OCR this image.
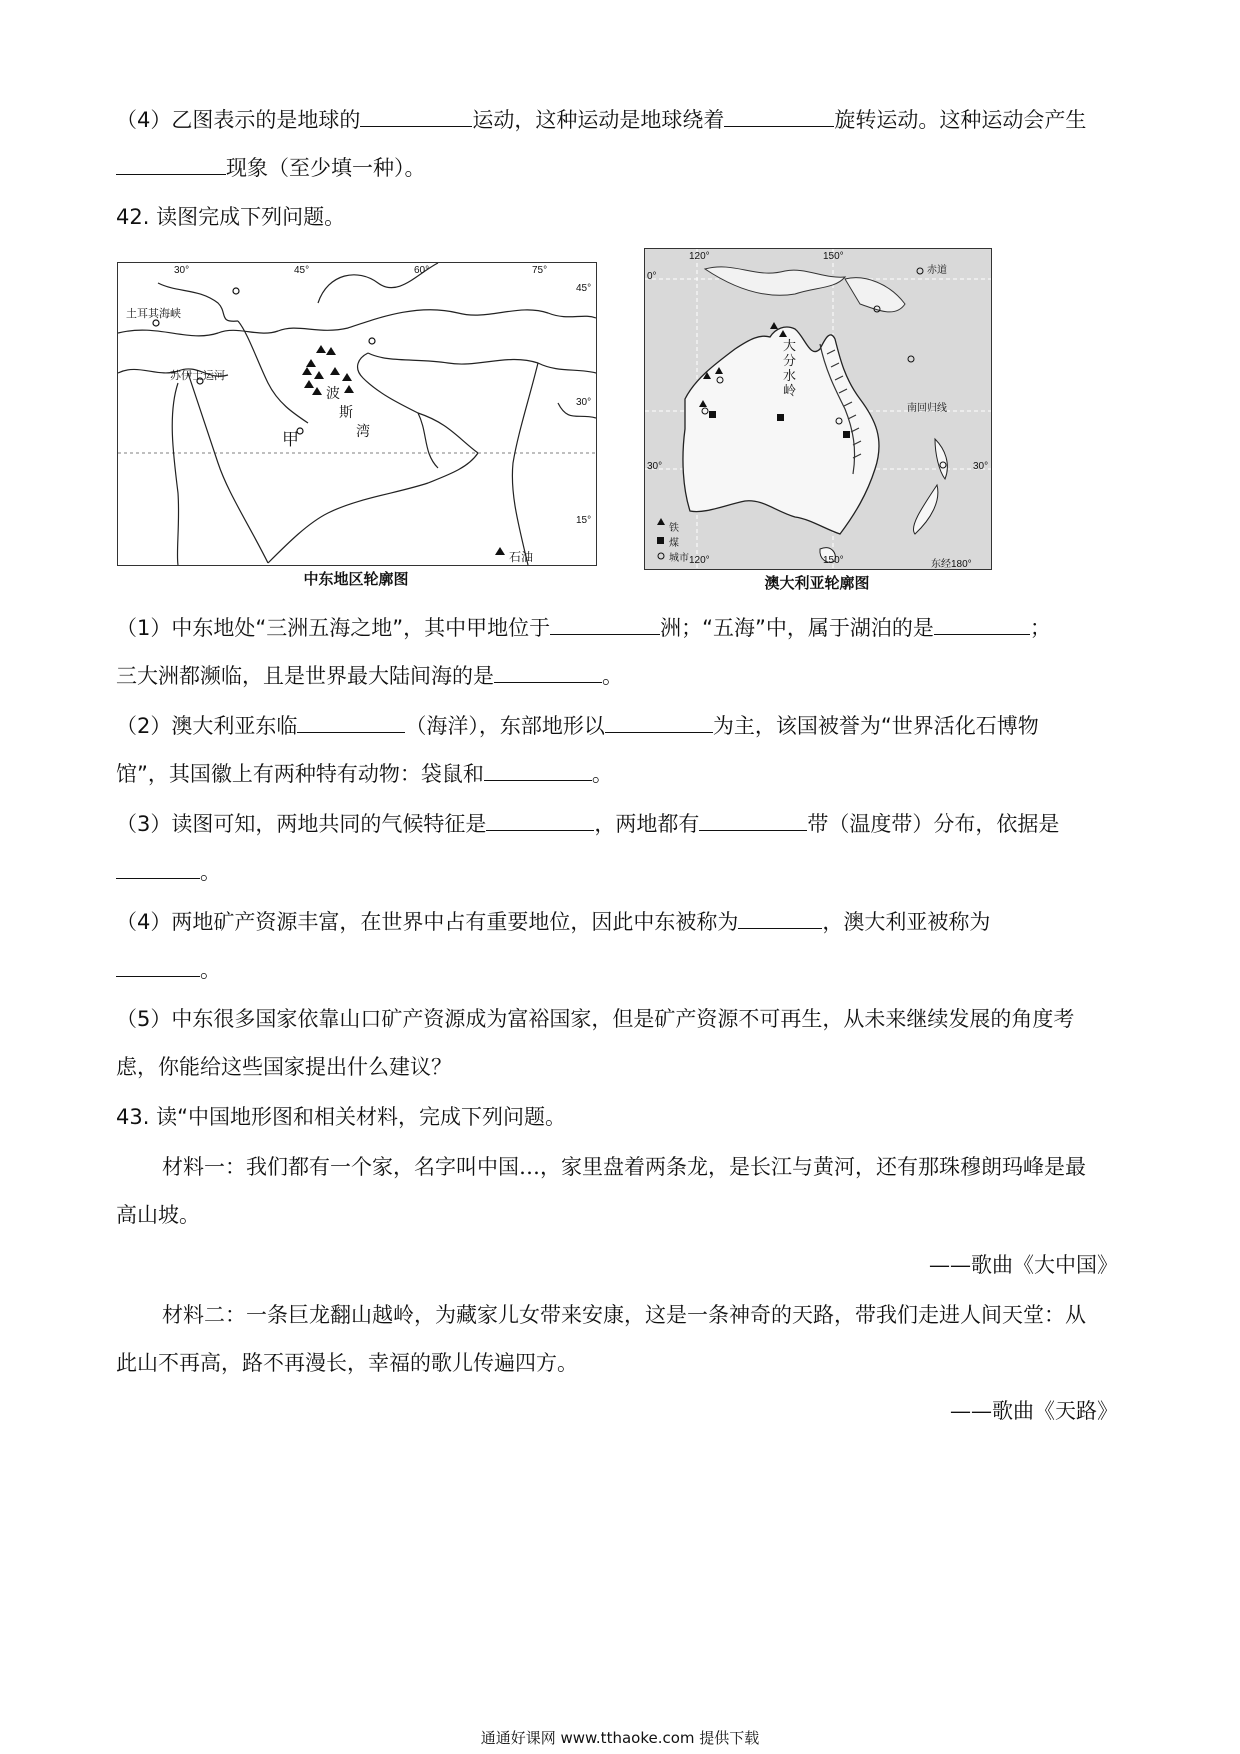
（4）乙图表示的是地球的	运动，这种运动是地球绕着	旋转运动。这种运动会产生
现象（至少填一种）。
42. 读图完成下列问题。
土耳其海峡
苏伊士运河
甲
波
斯
湾
石油
30°	45°	60°	75°
45°
30°
15°
中东地区轮廓图
赤道
南回归线
大分水岭
120°	150°
120°	150°	东经180°
0°
30°	30°
铁
煤
城市
澳大利亚轮廓图
（1）中东地处“三洲五海之地”，其中甲地位于	洲；“五海”中，属于湖泊的是	；
三大洲都濒临，且是世界最大陆间海的是	。
（2）澳大利亚东临	（海洋），东部地形以	为主，该国被誉为“世界活化石博物
馆”，其国徽上有两种特有动物：袋鼠和	。
（3）读图可知，两地共同的气候特征是	，两地都有	带（温度带）分布，依据是
。
（4）两地矿产资源丰富，在世界中占有重要地位，因此中东被称为	，澳大利亚被称为
。
（5）中东很多国家依靠山口矿产资源成为富裕国家，但是矿产资源不可再生，从未来继续发展的角度考
虑，你能给这些国家提出什么建议？
43. 读“中国地形图和相关材料，完成下列问题。
材料一：我们都有一个家，名字叫中国…，家里盘着两条龙，是长江与黄河，还有那珠穆朗玛峰是最
高山坡。
——歌曲《大中国》
材料二：一条巨龙翻山越岭，为藏家儿女带来安康，这是一条神奇的天路，带我们走进人间天堂：从
此山不再高，路不再漫长，幸福的歌儿传遍四方。
——歌曲《天路》
通通好课网 www.tthaoke.com 提供下载
